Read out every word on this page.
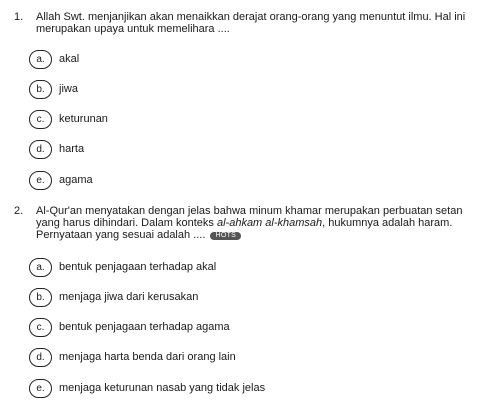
1. Allah Swt. menjanjikan akan menaikkan derajat orang-orang yang menuntut ilmu. Hal ini
merupakan upaya untuk memelihara ....
a.	akal
b.	jiwa
c.	keturunan
d.	harta
e.	agama
2. Al-Qur'an menyatakan dengan jelas bahwa minum khamar merupakan perbuatan setan
yang harus dihindari. Dalam konteks al-ahkam al-khamsah, hukumnya adalah haram.
Pernyataan yang sesuai adalah .... HOTS
a.	bentuk penjagaan terhadap akal
b.	menjaga jiwa dari kerusakan
c.	bentuk penjagaan terhadap agama
d.	menjaga harta benda dari orang lain
e.	menjaga keturunan nasab yang tidak jelas
